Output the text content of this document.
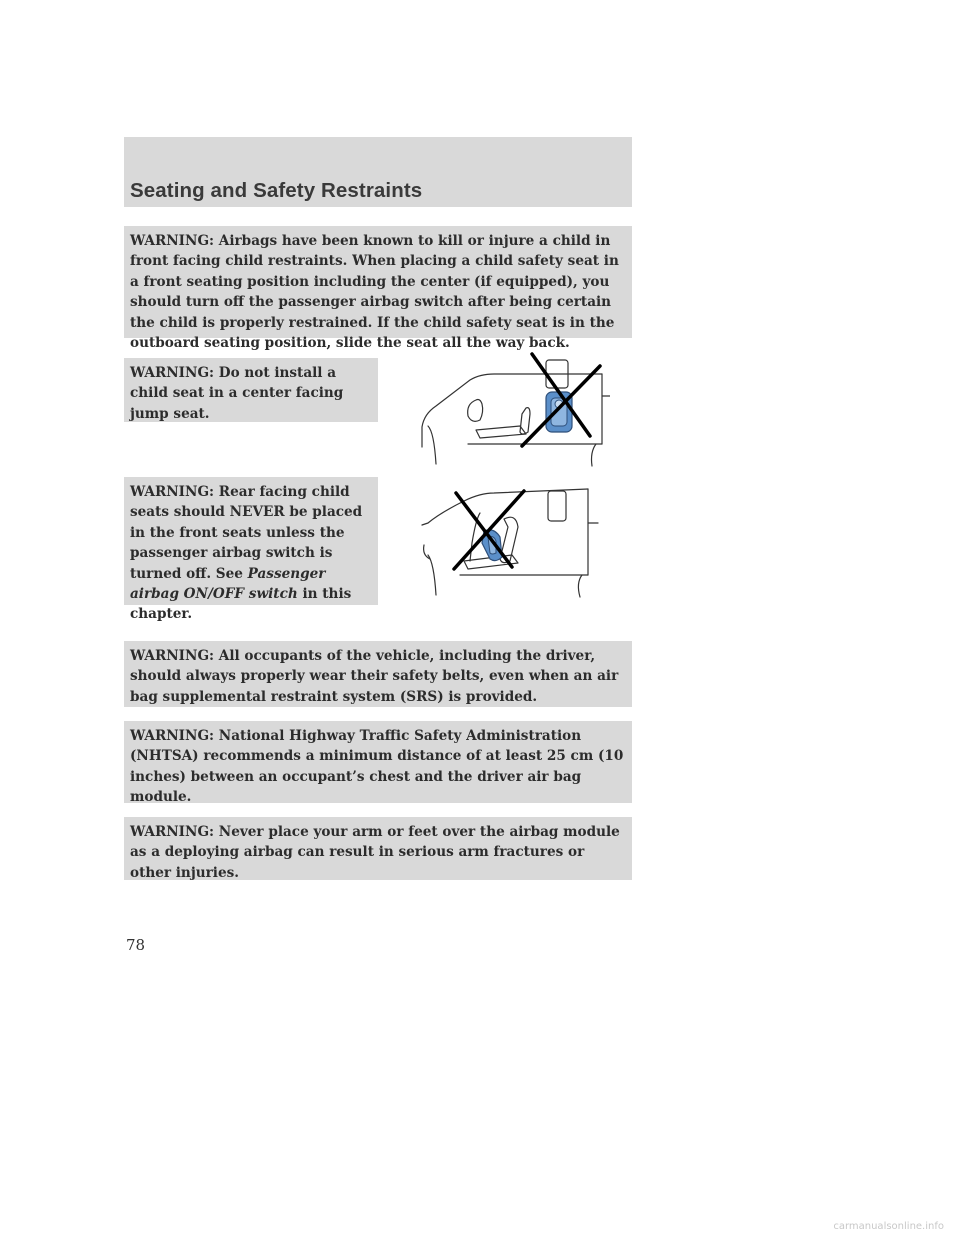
Seating and Safety Restraints

WARNING: Airbags have been known to kill or injure a child in front facing child restraints. When placing a child safety seat in a front seating position including the center (if equipped), you should turn off the passenger airbag switch after being certain the child is properly restrained. If the child safety seat is in the outboard seating position, slide the seat all the way back.

WARNING: Do not install a child seat in a center facing jump seat.

WARNING: Rear facing child seats should NEVER be placed in the front seats unless the passenger airbag switch is turned off. See Passenger airbag ON/OFF switch in this chapter.

WARNING: All occupants of the vehicle, including the driver, should always properly wear their safety belts, even when an air bag supplemental restraint system (SRS) is provided.

WARNING: National Highway Traffic Safety Administration (NHTSA) recommends a minimum distance of at least 25 cm (10 inches) between an occupant’s chest and the driver air bag module.

WARNING: Never place your arm or feet over the airbag module as a deploying airbag can result in serious arm fractures or other injuries.

78
carmanualsonline.info
